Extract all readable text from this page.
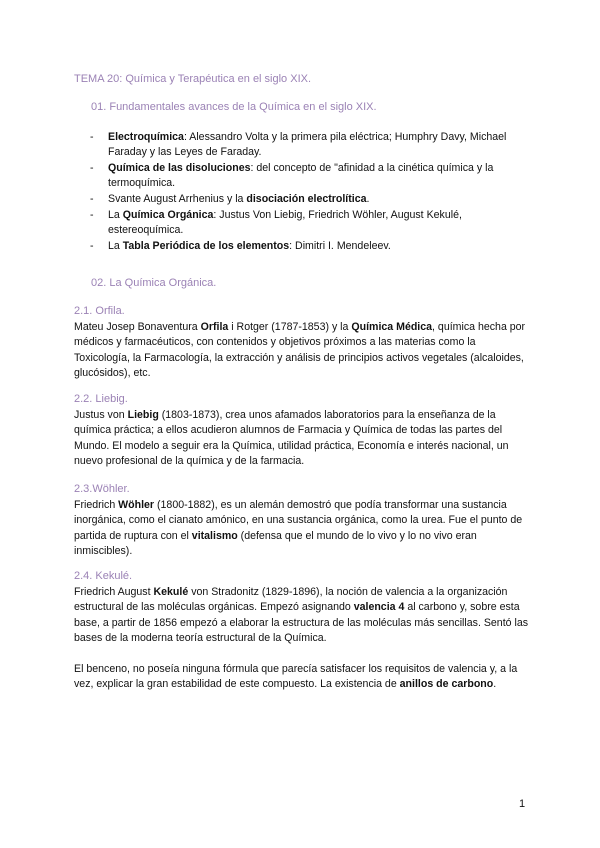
TEMA 20: Química y Terapéutica en el siglo XIX.
01. Fundamentales avances de la Química en el siglo XIX.
- Electroquímica: Alessandro Volta y la primera pila eléctrica; Humphry Davy, Michael Faraday y las Leyes de Faraday.
- Química de las disoluciones: del concepto de "afinidad a la cinética química y la termoquímica.
- Svante August Arrhenius y la disociación electrolítica.
- La Química Orgánica: Justus Von Liebig, Friedrich Wöhler, August Kekulé, estereoquímica.
- La Tabla Periódica de los elementos: Dimitri I. Mendeleev.
02. La Química Orgánica.
2.1. Orfila.

Mateu Josep Bonaventura Orfila i Rotger (1787-1853) y la Química Médica, química hecha por médicos y farmacéuticos, con contenidos y objetivos próximos a las materias como la Toxicología, la Farmacología, la extracción y análisis de principios activos vegetales (alcaloides, glucósidos), etc.

2.2. Liebig.

Justus von Liebig (1803-1873), crea unos afamados laboratorios para la enseñanza de la química práctica; a ellos acudieron alumnos de Farmacia y Química de todas las partes del Mundo. El modelo a seguir era la Química, utilidad práctica, Economía e interés nacional, un nuevo profesional de la química y de la farmacia.

2.3.Wöhler.

Friedrich Wöhler (1800-1882), es un alemán demostró que podía transformar una sustancia inorgánica, como el cianato amónico, en una sustancia orgánica, como la urea. Fue el punto de partida de ruptura con el vitalismo (defensa que el mundo de lo vivo y lo no vivo eran inmiscibles).

2.4. Kekulé.

Friedrich August Kekulé von Stradonitz (1829-1896), la noción de valencia a la organización estructural de las moléculas orgánicas. Empezó asignando valencia 4 al carbono y, sobre esta base, a partir de 1856 empezó a elaborar la estructura de las moléculas más sencillas. Sentó las bases de la moderna teoría estructural de la Química.

El benceno, no poseía ninguna fórmula que parecía satisfacer los requisitos de valencia y, a la vez, explicar la gran estabilidad de este compuesto. La existencia de anillos de carbono.

1
